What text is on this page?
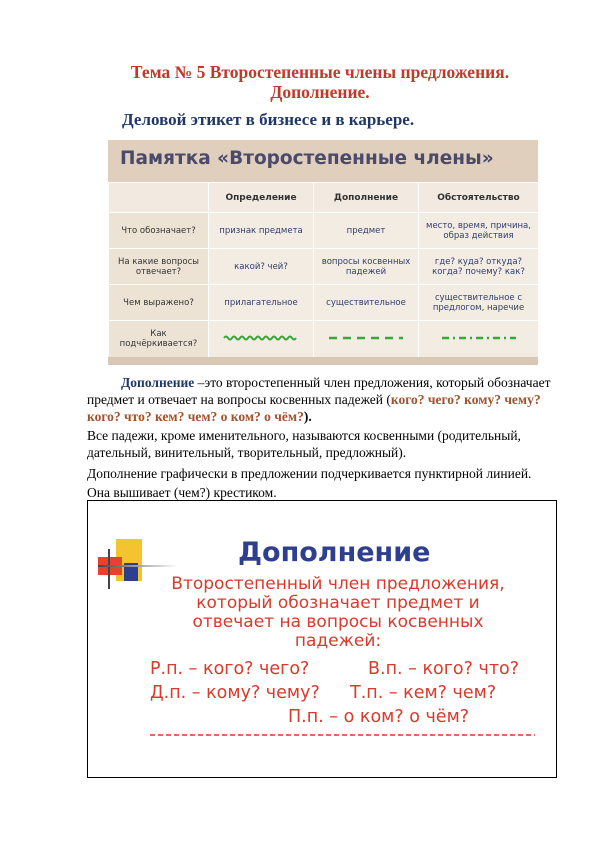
Тема № 5 Второстепенные члены предложения.
Дополнение.
Деловой этикет в бизнесе и в карьере.
Памятка «Второстепенные члены»
	Определение	Дополнение	Обстоятельство
Что обозначает?	признак предмета	предмет	место, время, причина, образ действия
На какие вопросы отвечает?	какой? чей?	вопросы косвенных падежей	где? куда? откуда? когда? почему? как?
Чем выражено?	прилагательное	существительное	существительное с предлогом, наречие
Как подчёркивается?			
Дополнение –это второстепенный член предложения, который обозначает предмет и отвечает на вопросы косвенных падежей (кого? чего? кому? чему? кого? что? кем? чем? о ком? о чём?).
Все падежи, кроме именительного, называются косвенными (родительный,
дательный, винительный, творительный, предложный).
Дополнение графически в предложении подчеркивается пунктирной линией.
Она вышивает (чем?) крестиком.
Дополнение
Второстепенный член предложения, который обозначает предмет и отвечает на вопросы косвенных падежей:
Р.п. – кого? чего?	В.п. – кого? что?
Д.п. – кому? чему? Т.п. – кем? чем?
П.п. – о ком? о чём?
